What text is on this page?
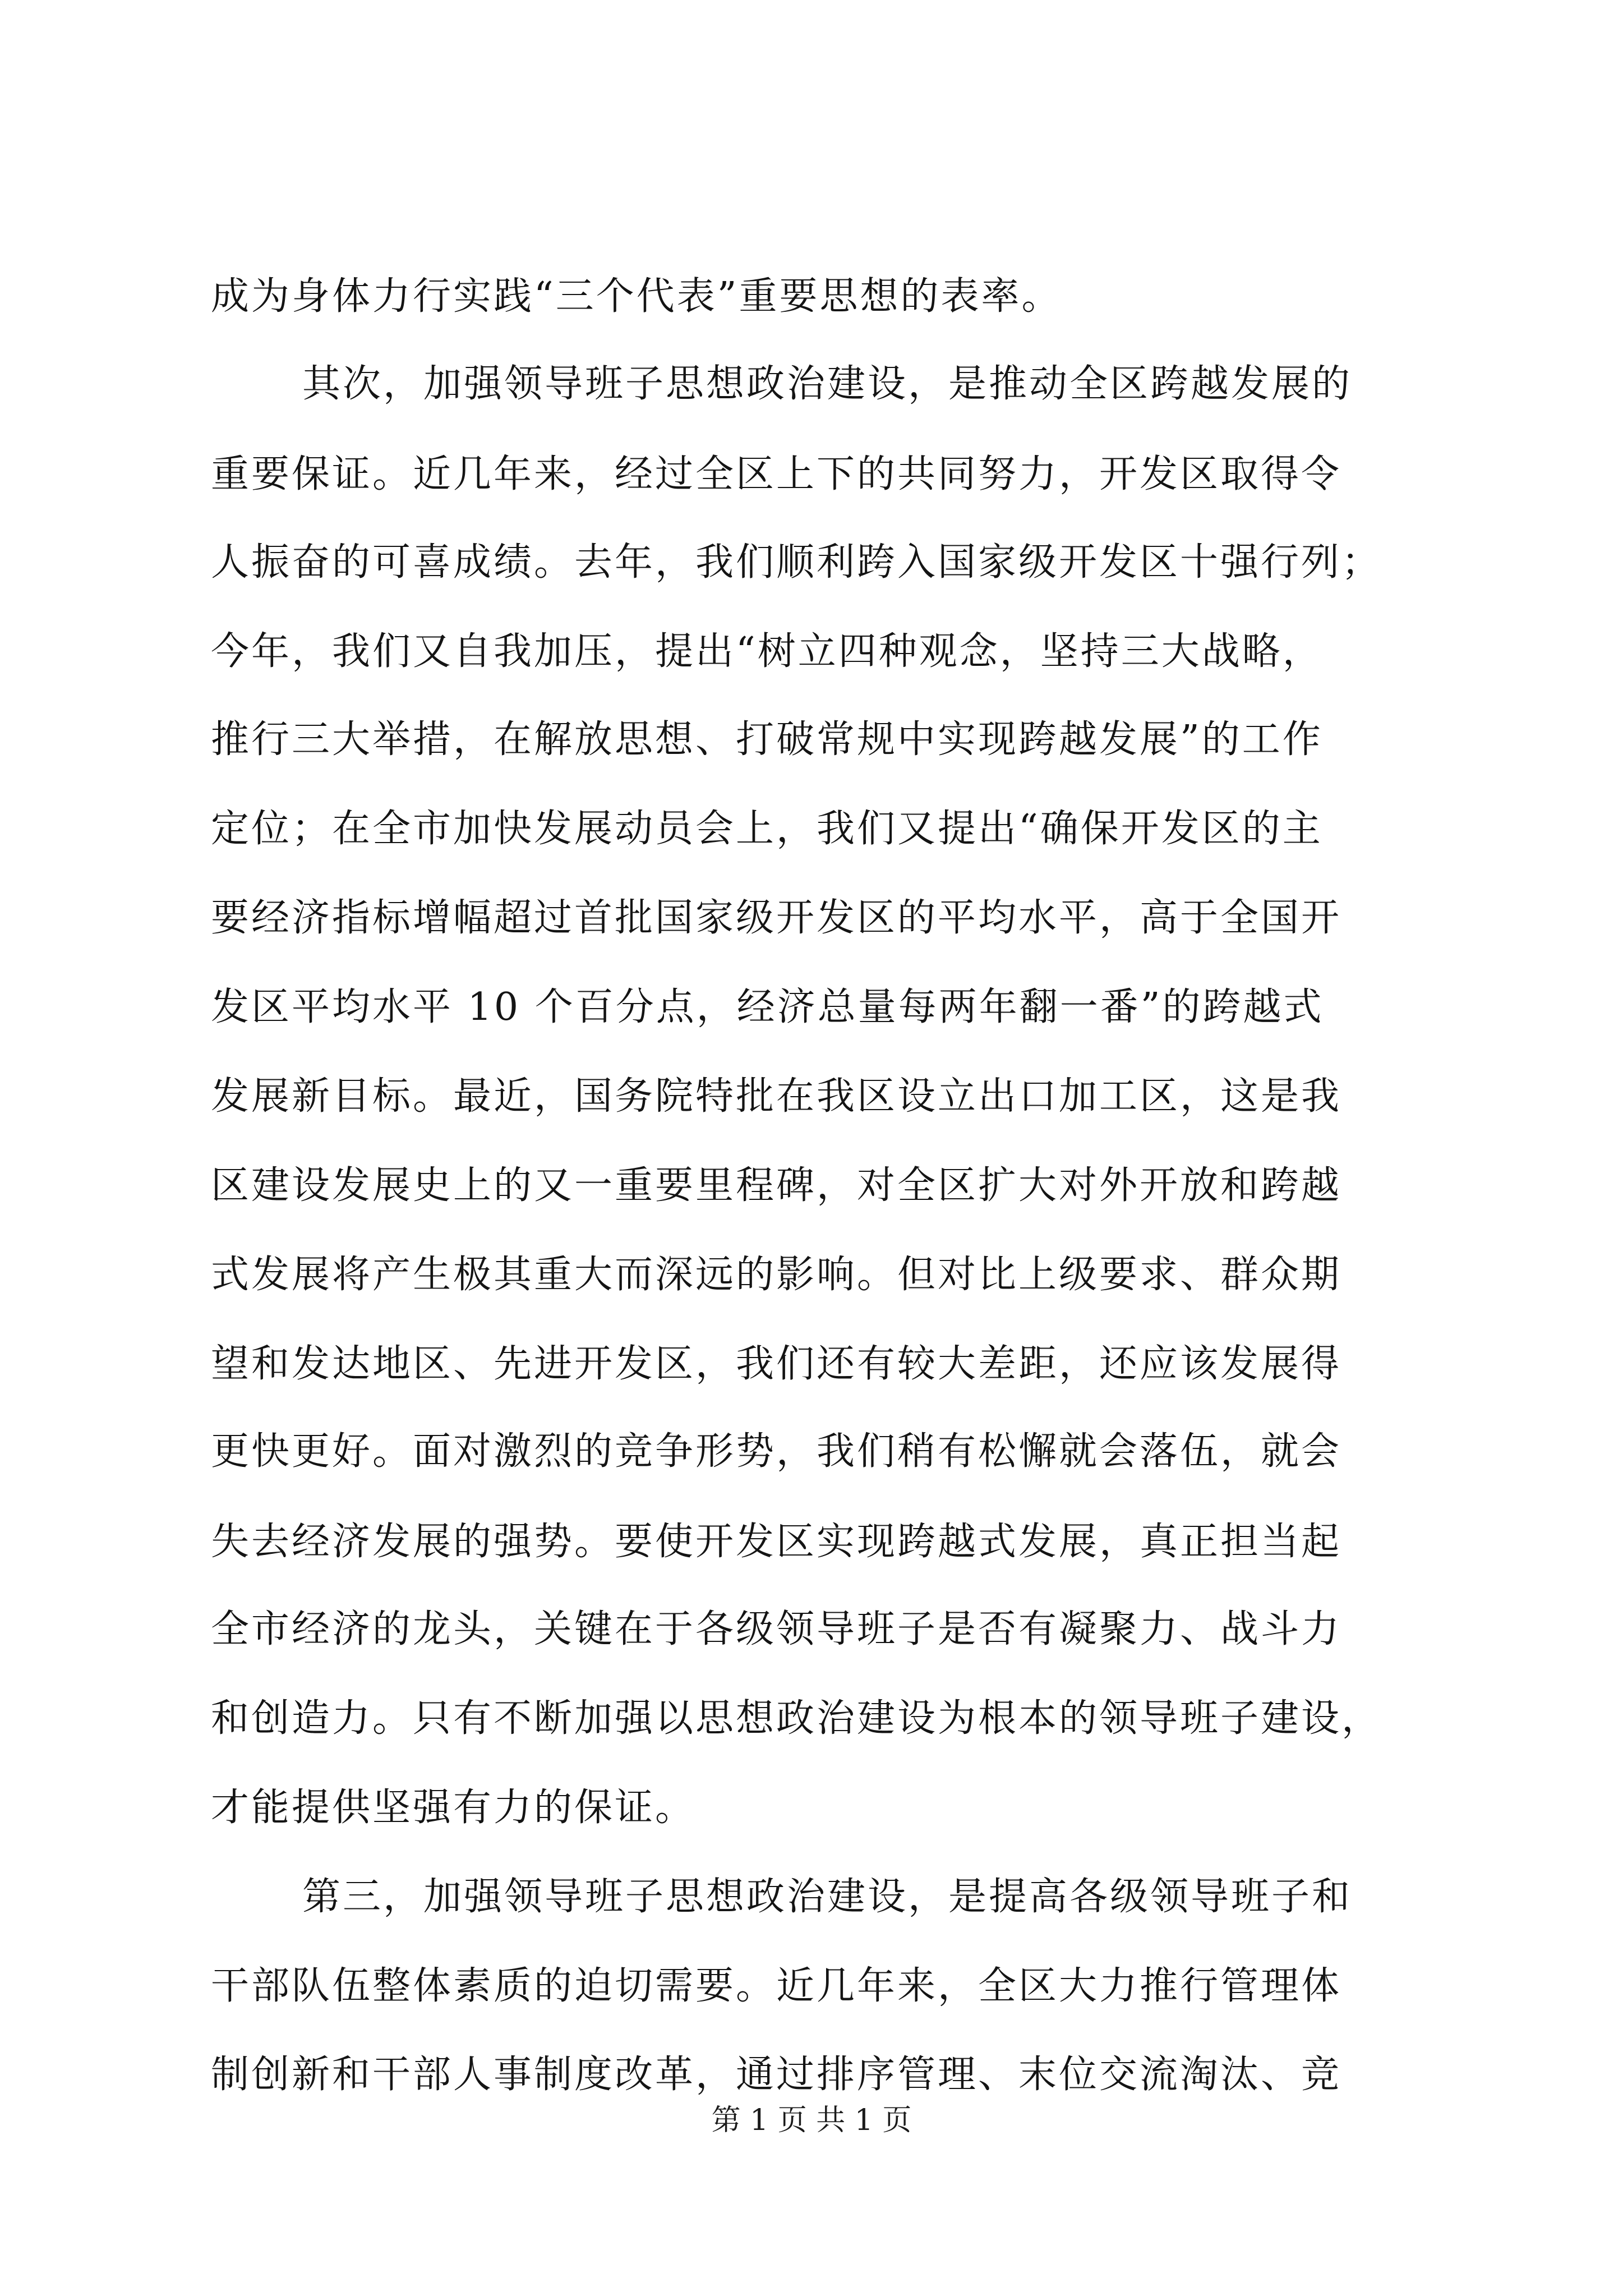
成为身体力行实践“三个代表”重要思想的表率。
其次，加强领导班子思想政治建设，是推动全区跨越发展的
重要保证。近几年来，经过全区上下的共同努力，开发区取得令
人振奋的可喜成绩。去年，我们顺利跨入国家级开发区十强行列；
今年，我们又自我加压，提出“树立四种观念，坚持三大战略，
推行三大举措，在解放思想、打破常规中实现跨越发展”的工作
定位；在全市加快发展动员会上，我们又提出“确保开发区的主
要经济指标增幅超过首批国家级开发区的平均水平，高于全国开
发区平均水平 10 个百分点，经济总量每两年翻一番”的跨越式
发展新目标。最近，国务院特批在我区设立出口加工区，这是我
区建设发展史上的又一重要里程碑，对全区扩大对外开放和跨越
式发展将产生极其重大而深远的影响。但对比上级要求、群众期
望和发达地区、先进开发区，我们还有较大差距，还应该发展得
更快更好。面对激烈的竞争形势，我们稍有松懈就会落伍，就会
失去经济发展的强势。要使开发区实现跨越式发展，真正担当起
全市经济的龙头，关键在于各级领导班子是否有凝聚力、战斗力
和创造力。只有不断加强以思想政治建设为根本的领导班子建设，
才能提供坚强有力的保证。
第三，加强领导班子思想政治建设，是提高各级领导班子和
干部队伍整体素质的迫切需要。近几年来，全区大力推行管理体
制创新和干部人事制度改革，通过排序管理、末位交流淘汰、竞
第 1 页 共 1 页
